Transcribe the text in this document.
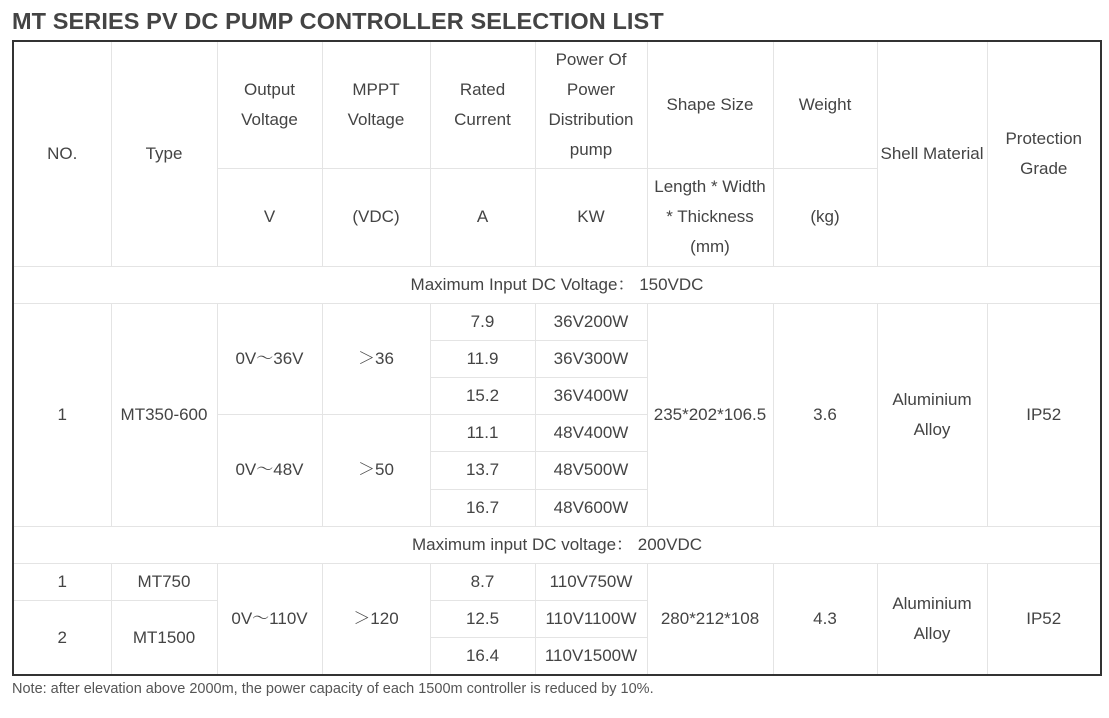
MT SERIES PV DC PUMP CONTROLLER SELECTION LIST
NO.	Type	Output Voltage	MPPT Voltage	Rated Current	Power Of Power Distribution pump	Shape Size	Weight	Shell Material	Protection Grade
		V	(VDC)	A	KW	Length * Width * Thickness (mm)	(kg)		
Maximum Input DC Voltage： 150VDC									
1	MT350-600	0V～36V	＞36	7.9	36V200W	235*202*106.5	3.6	Aluminium Alloy	IP52
				11.9	36V300W				
				15.2	36V400W				
		0V～48V	＞50	11.1	48V400W				
				13.7	48V500W				
				16.7	48V600W				
Maximum input DC voltage： 200VDC									
1	MT750	0V～110V	＞120	8.7	110V750W	280*212*108	4.3	Aluminium Alloy	IP52
2	MT1500			12.5	110V1100W				
				16.4	110V1500W				

Note: after elevation above 2000m, the power capacity of each 1500m controller is reduced by 10%.
